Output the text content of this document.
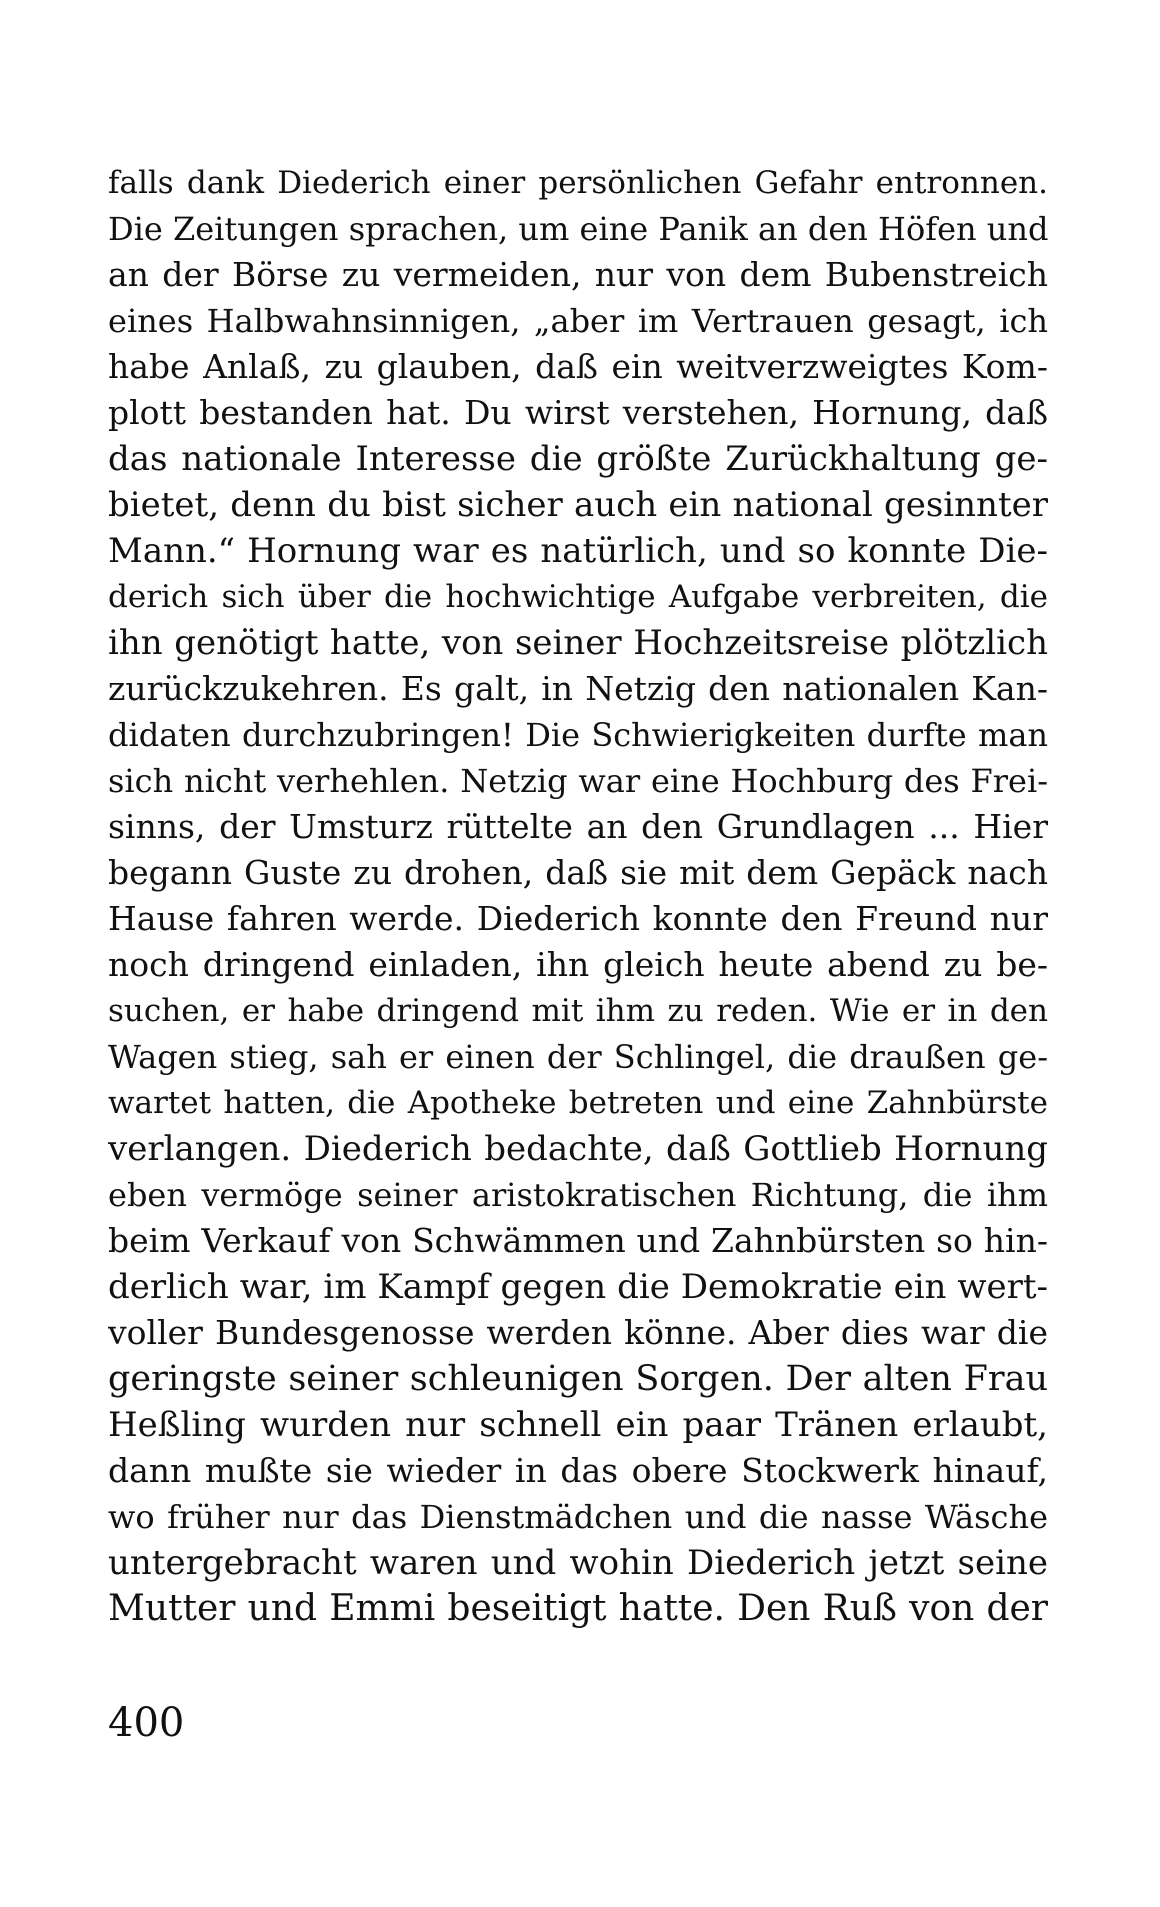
falls dank Diederich einer persönlichen Gefahr entronnen.
Die Zeitungen sprachen, um eine Panik an den Höfen und
an der Börse zu vermeiden, nur von dem Bubenstreich
eines Halbwahnsinnigen, „aber im Vertrauen gesagt, ich
habe Anlaß, zu glauben, daß ein weitverzweigtes Kom-
plott bestanden hat. Du wirst verstehen, Hornung, daß
das nationale Interesse die größte Zurückhaltung ge-
bietet, denn du bist sicher auch ein national gesinnter
Mann.“ Hornung war es natürlich, und so konnte Die-
derich sich über die hochwichtige Aufgabe verbreiten, die
ihn genötigt hatte, von seiner Hochzeitsreise plötzlich
zurückzukehren. Es galt, in Netzig den nationalen Kan-
didaten durchzubringen! Die Schwierigkeiten durfte man
sich nicht verhehlen. Netzig war eine Hochburg des Frei-
sinns, der Umsturz rüttelte an den Grundlagen ... Hier
begann Guste zu drohen, daß sie mit dem Gepäck nach
Hause fahren werde. Diederich konnte den Freund nur
noch dringend einladen, ihn gleich heute abend zu be-
suchen, er habe dringend mit ihm zu reden. Wie er in den
Wagen stieg, sah er einen der Schlingel, die draußen ge-
wartet hatten, die Apotheke betreten und eine Zahnbürste
verlangen. Diederich bedachte, daß Gottlieb Hornung
eben vermöge seiner aristokratischen Richtung, die ihm
beim Verkauf von Schwämmen und Zahnbürsten so hin-
derlich war, im Kampf gegen die Demokratie ein wert-
voller Bundesgenosse werden könne. Aber dies war die
geringste seiner schleunigen Sorgen. Der alten Frau
Heßling wurden nur schnell ein paar Tränen erlaubt,
dann mußte sie wieder in das obere Stockwerk hinauf,
wo früher nur das Dienstmädchen und die nasse Wäsche
untergebracht waren und wohin Diederich jetzt seine
Mutter und Emmi beseitigt hatte. Den Ruß von der
400
